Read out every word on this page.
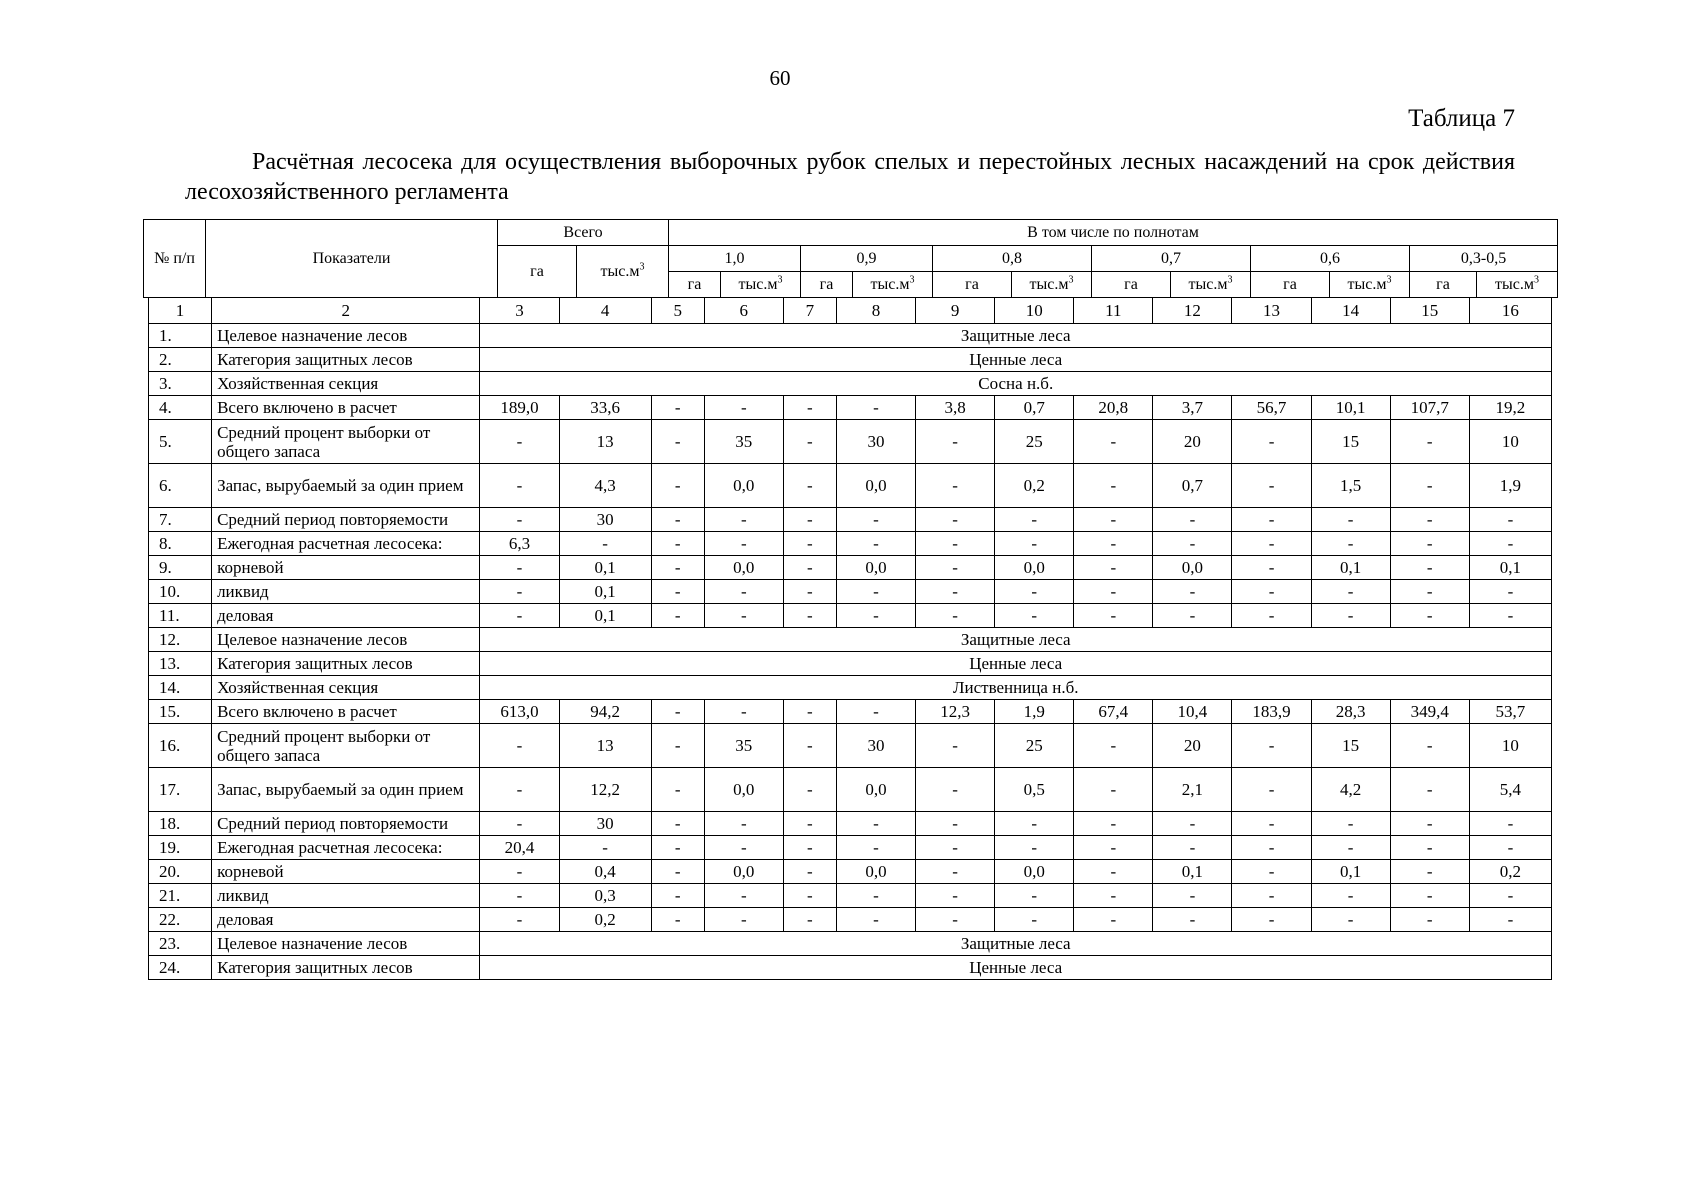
60
Таблица 7
Расчётная лесосека для осуществления выборочных рубок спелых и перестойных лесных насаждений на срок действия лесохозяйственного регламента
№ п/п	Показатели	Всего		В том числе по полнотам											
		га	$тыс.м^3$	1,0		0,9		0,8		0,7		0,6		0,3-0,5	
				га	$тыс.м^3$	га	$тыс.м^3$	га	$тыс.м^3$	га	$тыс.м^3$	га	$тыс.м^3$	га	$тыс.м^3$
1	2	3	4	5	6	7	8	9	10	11	12	13	14	15	16
1.	Целевое назначение лесов	Защитные леса													
2.	Категория защитных лесов	Ценные леса													
3.	Хозяйственная секция	Сосна н.б.													
4.	Всего включено в расчет	189,0	33,6	-	-	-	-	3,8	0,7	20,8	3,7	56,7	10,1	107,7	19,2
5.	Средний процент выборки от общего запаса	-	13	-	35	-	30	-	25	-	20	-	15	-	10
6.	Запас, вырубаемый за один прием	-	4,3	-	0,0	-	0,0	-	0,2	-	0,7	-	1,5	-	1,9
7.	Средний период повторяемости	-	30	-	-	-	-	-	-	-	-	-	-	-	-
8.	Ежегодная расчетная лесосека:	6,3	-	-	-	-	-	-	-	-	-	-	-	-	-
9.	корневой	-	0,1	-	0,0	-	0,0	-	0,0	-	0,0	-	0,1	-	0,1
10.	ликвид	-	0,1	-	-	-	-	-	-	-	-	-	-	-	-
11.	деловая	-	0,1	-	-	-	-	-	-	-	-	-	-	-	-
12.	Целевое назначение лесов	Защитные леса													
13.	Категория защитных лесов	Ценные леса													
14.	Хозяйственная секция	Лиственница н.б.													
15.	Всего включено в расчет	613,0	94,2	-	-	-	-	12,3	1,9	67,4	10,4	183,9	28,3	349,4	53,7
16.	Средний процент выборки от общего запаса	-	13	-	35	-	30	-	25	-	20	-	15	-	10
17.	Запас, вырубаемый за один прием	-	12,2	-	0,0	-	0,0	-	0,5	-	2,1	-	4,2	-	5,4
18.	Средний период повторяемости	-	30	-	-	-	-	-	-	-	-	-	-	-	-
19.	Ежегодная расчетная лесосека:	20,4	-	-	-	-	-	-	-	-	-	-	-	-	-
20.	корневой	-	0,4	-	0,0	-	0,0	-	0,0	-	0,1	-	0,1	-	0,2
21.	ликвид	-	0,3	-	-	-	-	-	-	-	-	-	-	-	-
22.	деловая	-	0,2	-	-	-	-	-	-	-	-	-	-	-	-
23.	Целевое назначение лесов	Защитные леса													
24.	Категория защитных лесов	Ценные леса													
